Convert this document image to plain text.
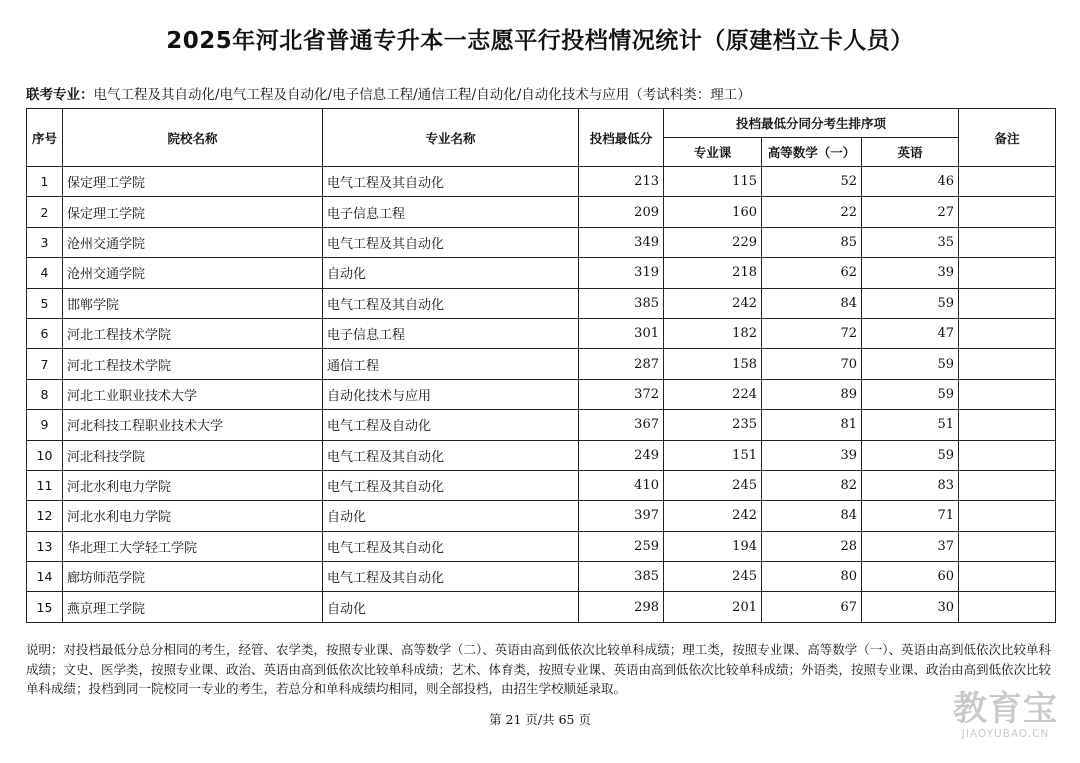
2025年河北省普通专升本一志愿平行投档情况统计（原建档立卡人员）
联考专业：电气工程及其自动化/电气工程及自动化/电子信息工程/通信工程/自动化/自动化技术与应用（考试科类：理工）
序号	院校名称	专业名称	投档最低分	投档最低分同分考生排序项			备注
				专业课	高等数学（一）	英语	
1	保定理工学院	电气工程及其自动化	213	115	52	46	
2	保定理工学院	电子信息工程	209	160	22	27	
3	沧州交通学院	电气工程及其自动化	349	229	85	35	
4	沧州交通学院	自动化	319	218	62	39	
5	邯郸学院	电气工程及其自动化	385	242	84	59	
6	河北工程技术学院	电子信息工程	301	182	72	47	
7	河北工程技术学院	通信工程	287	158	70	59	
8	河北工业职业技术大学	自动化技术与应用	372	224	89	59	
9	河北科技工程职业技术大学	电气工程及自动化	367	235	81	51	
10	河北科技学院	电气工程及其自动化	249	151	39	59	
11	河北水利电力学院	电气工程及其自动化	410	245	82	83	
12	河北水利电力学院	自动化	397	242	84	71	
13	华北理工大学轻工学院	电气工程及其自动化	259	194	28	37	
14	廊坊师范学院	电气工程及其自动化	385	245	80	60	
15	燕京理工学院	自动化	298	201	67	30	
说明：对投档最低分总分相同的考生，经管、农学类，按照专业课、高等数学（二）、英语由高到低依次比较单科成绩；理工类，按照专业课、高等数学（一）、英语由高到低依次比较单科成绩；文史、医学类，按照专业课、政治、英语由高到低依次比较单科成绩；艺术、体育类，按照专业课、英语由高到低依次比较单科成绩；外语类，按照专业课、政治由高到低依次比较单科成绩；投档到同一院校同一专业的考生，若总分和单科成绩均相同，则全部投档，由招生学校顺延录取。
第 21 页/共 65 页	教育宝
JIAOYUBAO.CN
